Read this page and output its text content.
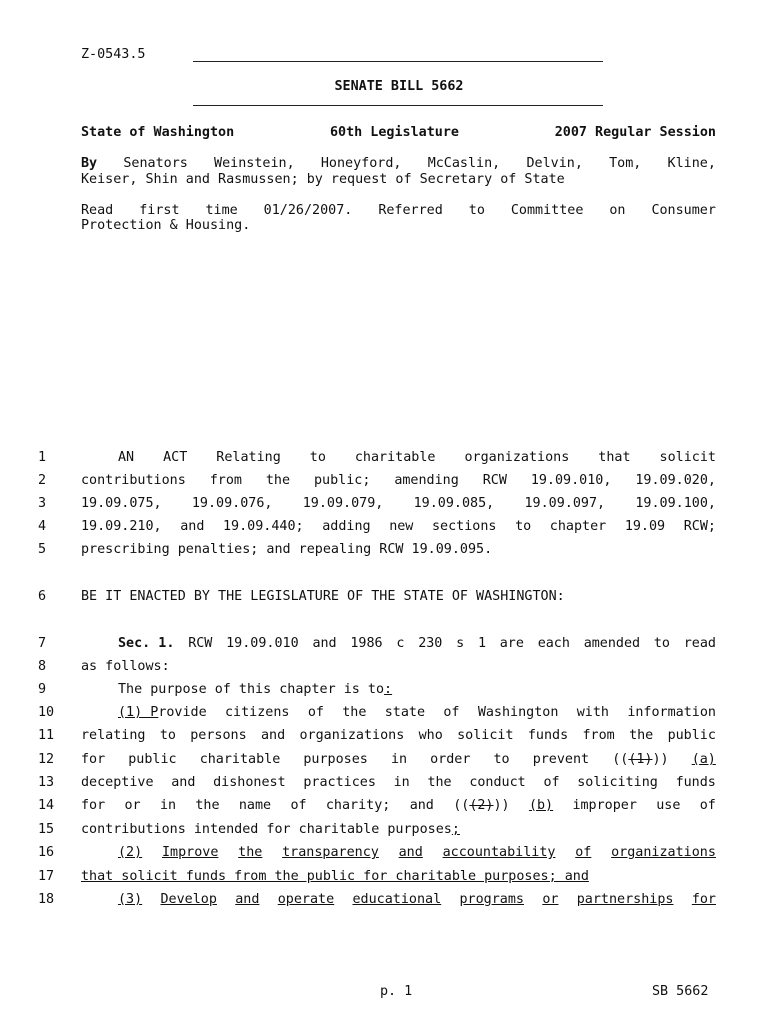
Z-0543.5
SENATE BILL 5662
State of Washington	60th Legislature	2007 Regular Session
By Senators Weinstein, Honeyford, McCaslin, Delvin, Tom, Kline,
Keiser, Shin and Rasmussen; by request of Secretary of State
Read first time 01/26/2007. Referred to Committee on Consumer
Protection & Housing.
1	AN ACT Relating to charitable organizations that solicit
2	contributions from the public; amending RCW 19.09.010, 19.09.020,
3	19.09.075, 19.09.076, 19.09.079, 19.09.085, 19.09.097, 19.09.100,
4	19.09.210, and 19.09.440; adding new sections to chapter 19.09 RCW;
5	prescribing penalties; and repealing RCW 19.09.095.
6	BE IT ENACTED BY THE LEGISLATURE OF THE STATE OF WASHINGTON:
7	Sec. 1. RCW 19.09.010 and 1986 c 230 s 1 are each amended to read
8	as follows:
9	The purpose of this chapter is to:
10	(1) Provide citizens of the state of Washington with information
11 relating to persons and organizations who solicit funds from the public
12 for public charitable purposes in order to prevent (((1))) (a)
13 deceptive and dishonest practices in the conduct of soliciting funds
14 for or in the name of charity; and (((2))) (b) improper use of
15 contributions intended for charitable purposes;
16	(2) Improve the transparency and accountability of organizations
17 that solicit funds from the public for charitable purposes; and
18	(3) Develop and operate educational programs or partnerships for
p. 1	SB 5662
